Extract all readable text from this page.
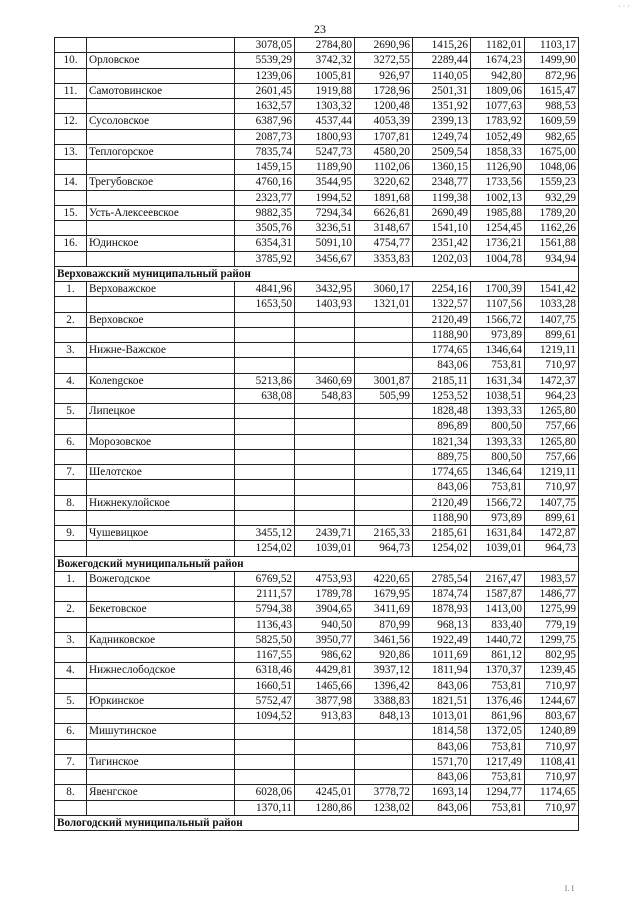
· · ·
23
		3078,05	2784,80	2690,96	1415,26	1182,01	1103,17
10.	Орловское	5539,29	3742,32	3272,55	2289,44	1674,23	1499,90
		1239,06	1005,81	926,97	1140,05	942,80	872,96
11.	Самотовинское	2601,45	1919,88	1728,96	2501,31	1809,06	1615,47
		1632,57	1303,32	1200,48	1351,92	1077,63	988,53
12.	Сусоловское	6387,96	4537,44	4053,39	2399,13	1783,92	1609,59
		2087,73	1800,93	1707,81	1249,74	1052,49	982,65
13.	Теплогорское	7835,74	5247,73	4580,20	2509,54	1858,33	1675,00
		1459,15	1189,90	1102,06	1360,15	1126,90	1048,06
14.	Трегубовское	4760,16	3544,95	3220,62	2348,77	1733,56	1559,23
		2323,77	1994,52	1891,68	1199,38	1002,13	932,29
15.	Усть-Алексеевское	9882,35	7294,34	6626,81	2690,49	1985,88	1789,20
		3505,76	3236,51	3148,67	1541,10	1254,45	1162,26
16.	Юдинское	6354,31	5091,10	4754,77	2351,42	1736,21	1561,88
		3785,92	3456,67	3353,83	1202,03	1004,78	934,94
Верховажский муниципальный район							
1.	Верховажское	4841,96	3432,95	3060,17	2254,16	1700,39	1541,42
		1653,50	1403,93	1321,01	1322,57	1107,56	1033,28
2.	Верховское				2120,49	1566,72	1407,75
					1188,90	973,89	899,61
3.	Нижне-Важское				1774,65	1346,64	1219,11
					843,06	753,81	710,97
4.	Колengское	5213,86	3460,69	3001,87	2185,11	1631,34	1472,37
		638,08	548,83	505,99	1253,52	1038,51	964,23
5.	Липецкое				1828,48	1393,33	1265,80
					896,89	800,50	757,66
6.	Морозовское				1821,34	1393,33	1265,80
					889,75	800,50	757,66
7.	Шелотское				1774,65	1346,64	1219,11
					843,06	753,81	710,97
8.	Нижнекулойское				2120,49	1566,72	1407,75
					1188,90	973,89	899,61
9.	Чушевицкое	3455,12	2439,71	2165,33	2185,61	1631,84	1472,87
		1254,02	1039,01	964,73	1254,02	1039,01	964,73
Вожегодский муниципальный район							
1.	Вожегодское	6769,52	4753,93	4220,65	2785,54	2167,47	1983,57
		2111,57	1789,78	1679,95	1874,74	1587,87	1486,77
2.	Бекетовское	5794,38	3904,65	3411,69	1878,93	1413,00	1275,99
		1136,43	940,50	870,99	968,13	833,40	779,19
3.	Кадниковское	5825,50	3950,77	3461,56	1922,49	1440,72	1299,75
		1167,55	986,62	920,86	1011,69	861,12	802,95
4.	Нижнеслободское	6318,46	4429,81	3937,12	1811,94	1370,37	1239,45
		1660,51	1465,66	1396,42	843,06	753,81	710,97
5.	Юркинское	5752,47	3877,98	3388,83	1821,51	1376,46	1244,67
		1094,52	913,83	848,13	1013,01	861,96	803,67
6.	Мишутинское				1814,58	1372,05	1240,89
					843,06	753,81	710,97
7.	Тигинское				1571,70	1217,49	1108,41
					843,06	753,81	710,97
8.	Явенгское	6028,06	4245,01	3778,72	1693,14	1294,77	1174,65
		1370,11	1280,86	1238,02	843,06	753,81	710,97
Вологодский муниципальный район							
I. I
